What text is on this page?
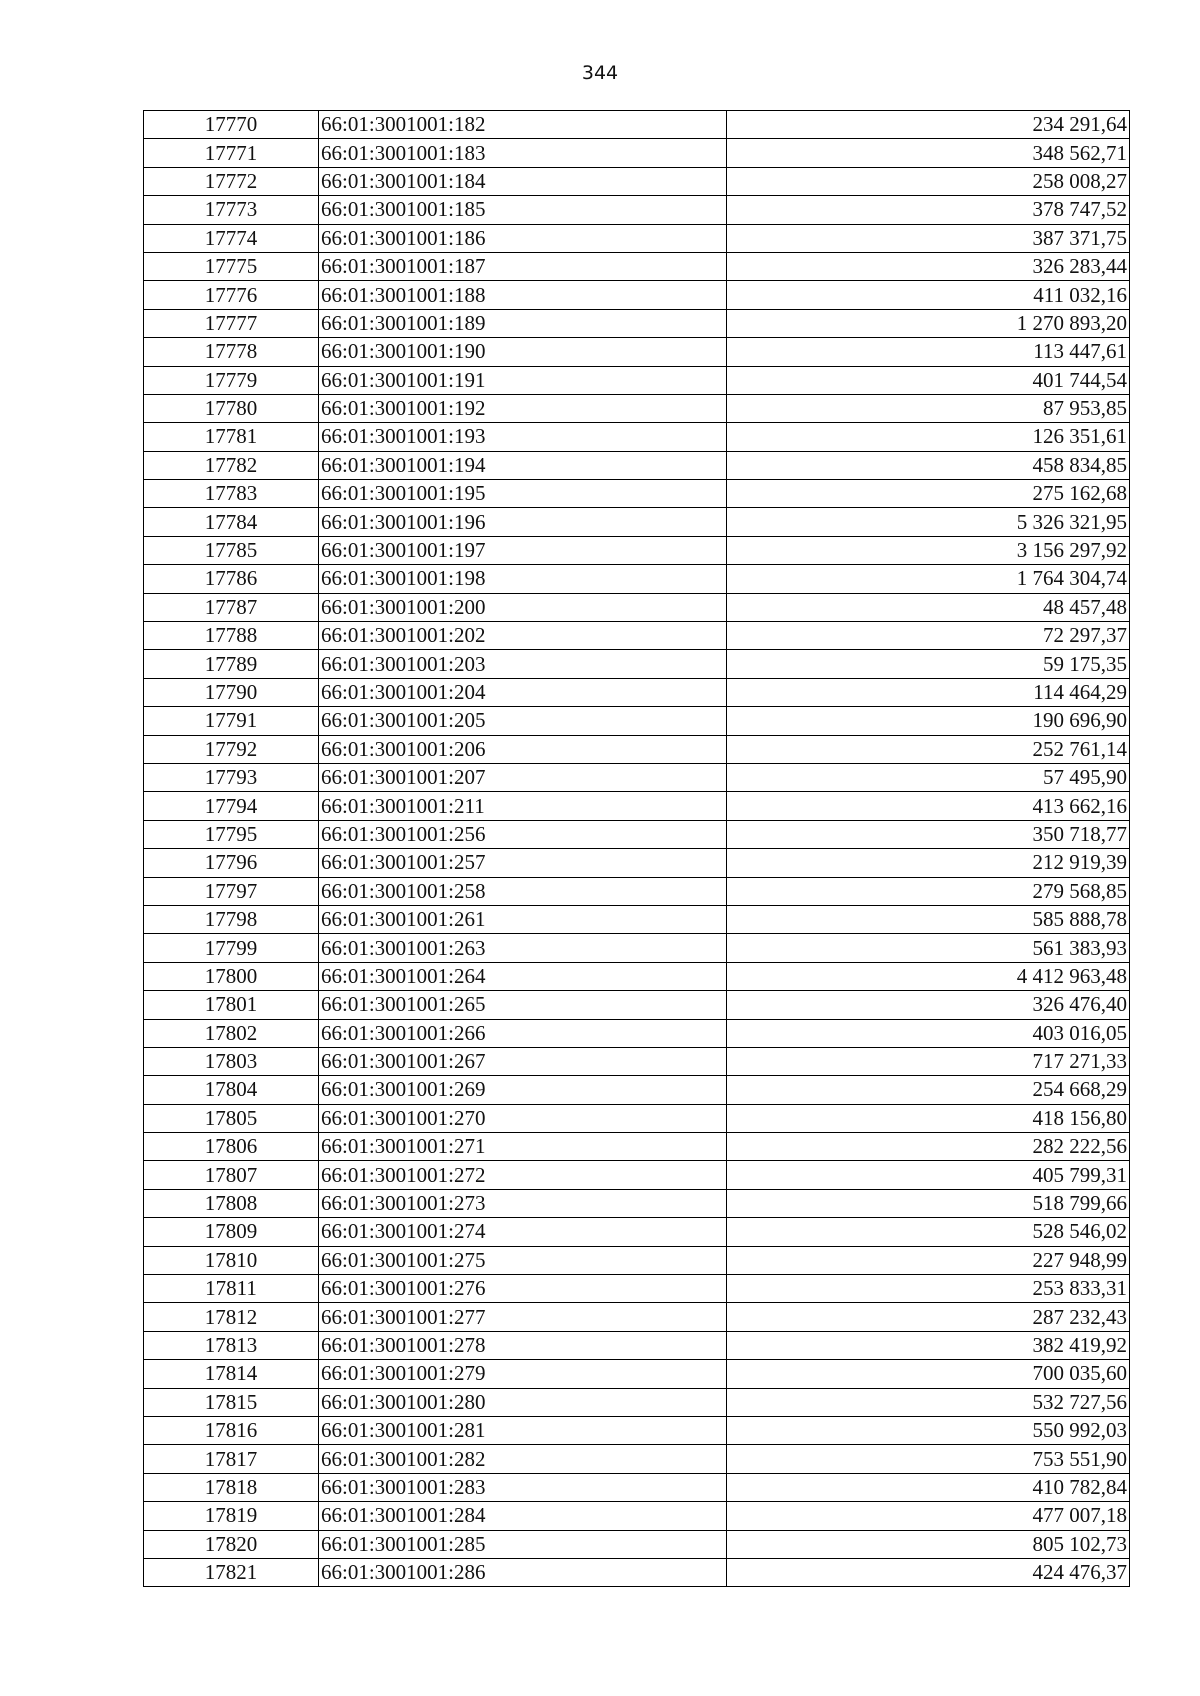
344
17770	66:01:3001001:182	234 291,64
17771	66:01:3001001:183	348 562,71
17772	66:01:3001001:184	258 008,27
17773	66:01:3001001:185	378 747,52
17774	66:01:3001001:186	387 371,75
17775	66:01:3001001:187	326 283,44
17776	66:01:3001001:188	411 032,16
17777	66:01:3001001:189	1 270 893,20
17778	66:01:3001001:190	113 447,61
17779	66:01:3001001:191	401 744,54
17780	66:01:3001001:192	87 953,85
17781	66:01:3001001:193	126 351,61
17782	66:01:3001001:194	458 834,85
17783	66:01:3001001:195	275 162,68
17784	66:01:3001001:196	5 326 321,95
17785	66:01:3001001:197	3 156 297,92
17786	66:01:3001001:198	1 764 304,74
17787	66:01:3001001:200	48 457,48
17788	66:01:3001001:202	72 297,37
17789	66:01:3001001:203	59 175,35
17790	66:01:3001001:204	114 464,29
17791	66:01:3001001:205	190 696,90
17792	66:01:3001001:206	252 761,14
17793	66:01:3001001:207	57 495,90
17794	66:01:3001001:211	413 662,16
17795	66:01:3001001:256	350 718,77
17796	66:01:3001001:257	212 919,39
17797	66:01:3001001:258	279 568,85
17798	66:01:3001001:261	585 888,78
17799	66:01:3001001:263	561 383,93
17800	66:01:3001001:264	4 412 963,48
17801	66:01:3001001:265	326 476,40
17802	66:01:3001001:266	403 016,05
17803	66:01:3001001:267	717 271,33
17804	66:01:3001001:269	254 668,29
17805	66:01:3001001:270	418 156,80
17806	66:01:3001001:271	282 222,56
17807	66:01:3001001:272	405 799,31
17808	66:01:3001001:273	518 799,66
17809	66:01:3001001:274	528 546,02
17810	66:01:3001001:275	227 948,99
17811	66:01:3001001:276	253 833,31
17812	66:01:3001001:277	287 232,43
17813	66:01:3001001:278	382 419,92
17814	66:01:3001001:279	700 035,60
17815	66:01:3001001:280	532 727,56
17816	66:01:3001001:281	550 992,03
17817	66:01:3001001:282	753 551,90
17818	66:01:3001001:283	410 782,84
17819	66:01:3001001:284	477 007,18
17820	66:01:3001001:285	805 102,73
17821	66:01:3001001:286	424 476,37
